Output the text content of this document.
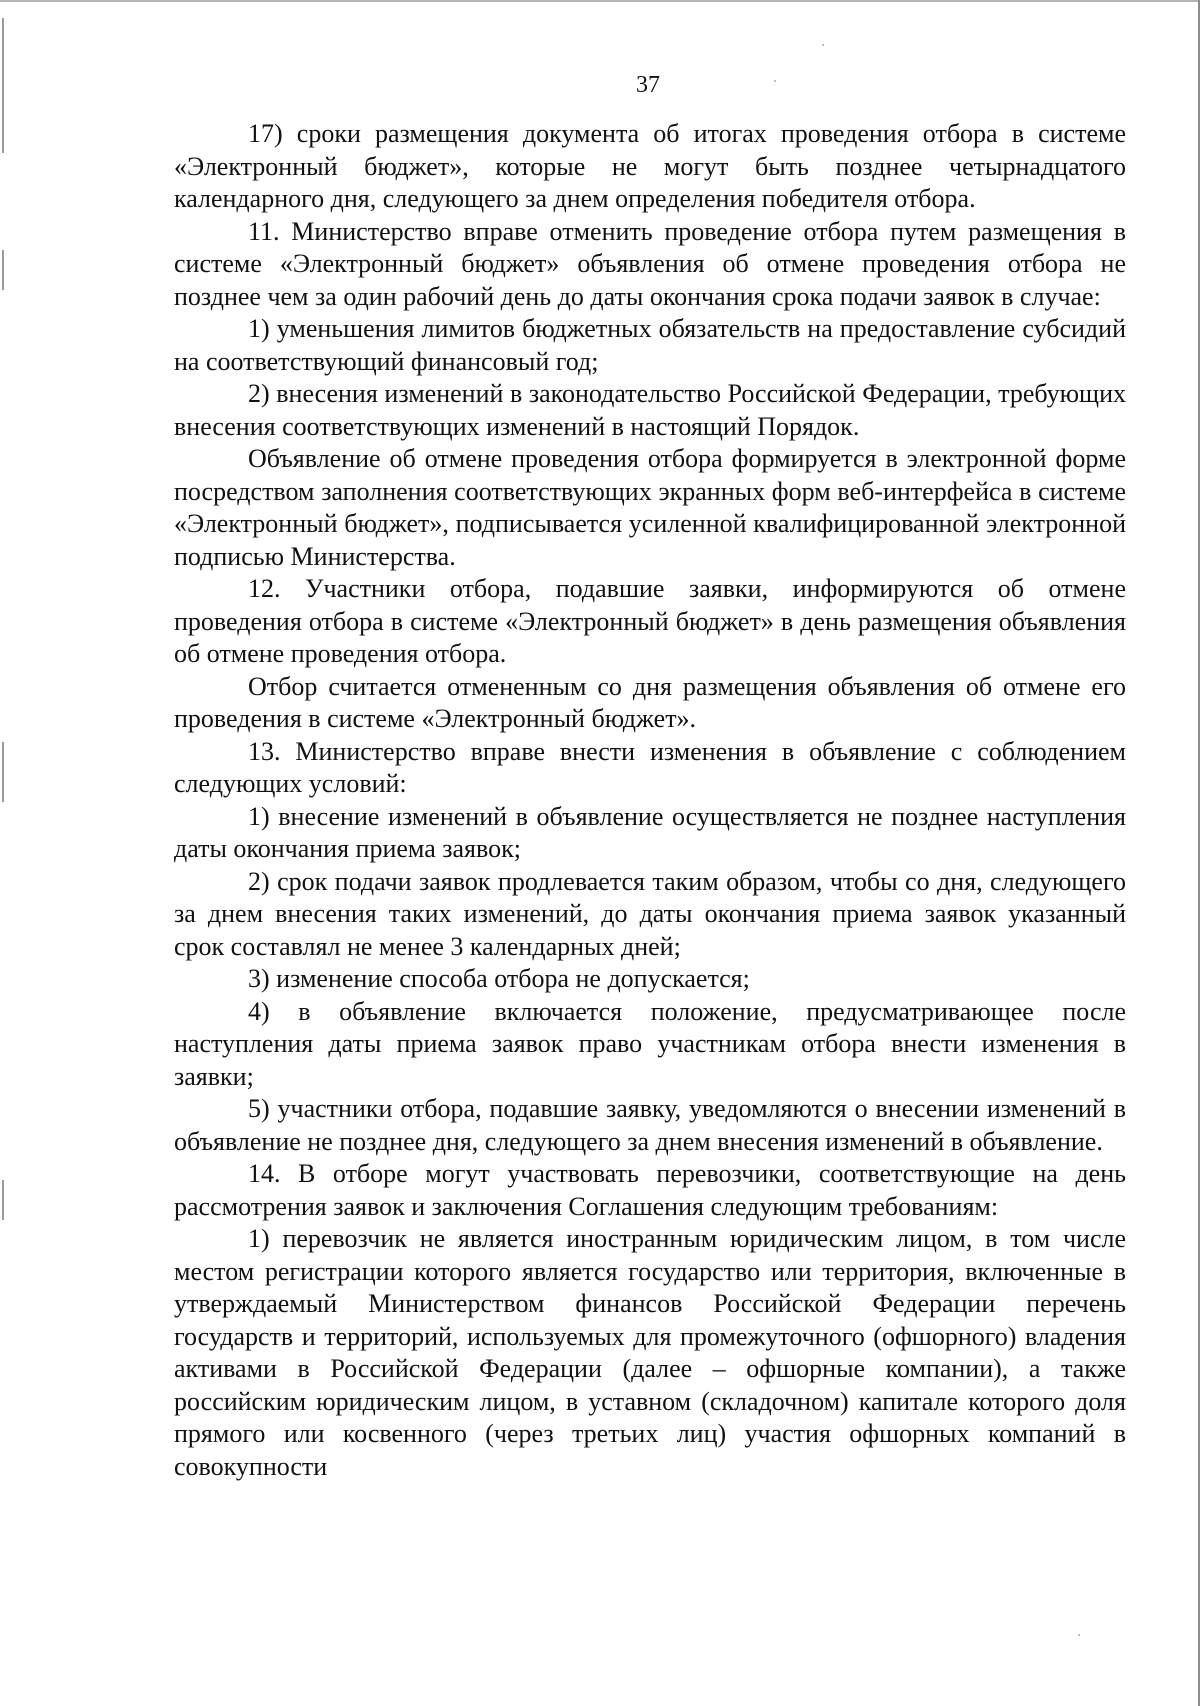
37

17) сроки размещения документа об итогах проведения отбора в системе «Электронный бюджет», которые не могут быть позднее четырнадцатого календарного дня, следующего за днем определения победителя отбора.

11. Министерство вправе отменить проведение отбора путем размещения в системе «Электронный бюджет» объявления об отмене проведения отбора не позднее чем за один рабочий день до даты окончания срока подачи заявок в случае:

1) уменьшения лимитов бюджетных обязательств на предоставление субсидий на соответствующий финансовый год;

2) внесения изменений в законодательство Российской Федерации, требующих внесения соответствующих изменений в настоящий Порядок.

Объявление об отмене проведения отбора формируется в электронной форме посредством заполнения соответствующих экранных форм веб-интерфейса в системе «Электронный бюджет», подписывается усиленной квалифицированной электронной подписью Министерства.

12. Участники отбора, подавшие заявки, информируются об отмене проведения отбора в системе «Электронный бюджет» в день размещения объявления об отмене проведения отбора.

Отбор считается отмененным со дня размещения объявления об отмене его проведения в системе «Электронный бюджет».

13. Министерство вправе внести изменения в объявление с соблюдением следующих условий:

1) внесение изменений в объявление осуществляется не позднее наступления даты окончания приема заявок;

2) срок подачи заявок продлевается таким образом, чтобы со дня, следующего за днем внесения таких изменений, до даты окончания приема заявок указанный срок составлял не менее 3 календарных дней;

3) изменение способа отбора не допускается;

4) в объявление включается положение, предусматривающее после наступления даты приема заявок право участникам отбора внести изменения в заявки;

5) участники отбора, подавшие заявку, уведомляются о внесении изменений в объявление не позднее дня, следующего за днем внесения изменений в объявление.

14. В отборе могут участвовать перевозчики, соответствующие на день рассмотрения заявок и заключения Соглашения следующим требованиям:

1) перевозчик не является иностранным юридическим лицом, в том числе местом регистрации которого является государство или территория, включенные в утверждаемый Министерством финансов Российской Федерации перечень государств и территорий, используемых для промежуточного (офшорного) владения активами в Российской Федерации (далее – офшорные компании), а также российским юридическим лицом, в уставном (складочном) капитале которого доля прямого или косвенного (через третьих лиц) участия офшорных компаний в совокупности
